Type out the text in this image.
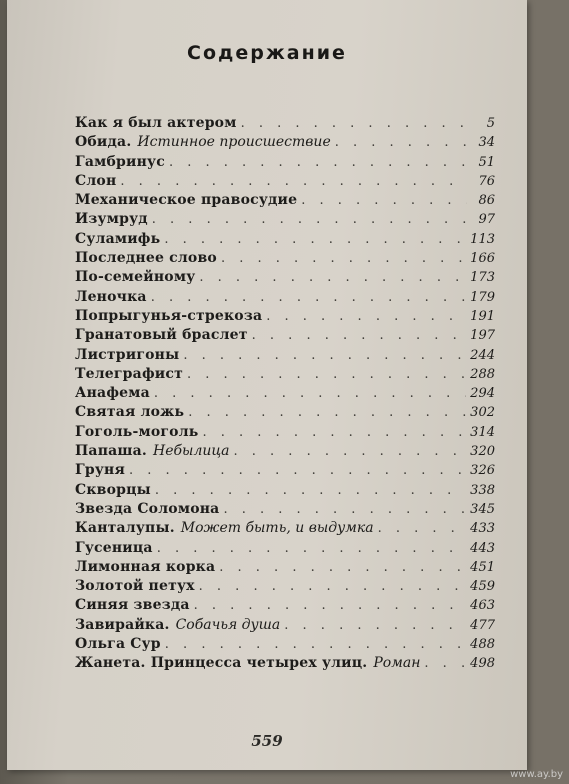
Содержание
Как я был актером . . .	5
Обида. Истинное происшествие . . .	34
Гамбринус . . .	51
Слон . . .	76
Механическое правосудие . . .	86
Изумруд . . .	97
Суламифь . . .	113
Последнее слово . . .	166
По-семейному . . .	173
Леночка . . .	179
Попрыгунья-стрекоза . . .	191
Гранатовый браслет . . .	197
Листригоны . . .	244
Телеграфист . . .	288
Анафема . . .	294
Святая ложь . . .	302
Гоголь-моголь . . .	314
Папаша. Небылица . . .	320
Груня . . .	326
Скворцы . . .	338
Звезда Соломона . . .	345
Канталупы. Может быть, и выдумка . . .	433
Гусеница . . .	443
Лимонная корка . . .	451
Золотой петух . . .	459
Синяя звезда . . .	463
Завирайка. Собачья душа . . .	477
Ольга Сур . . .	488
Жанета. Принцесса четырех улиц. Роман . . .	498

559

www.ay.by
